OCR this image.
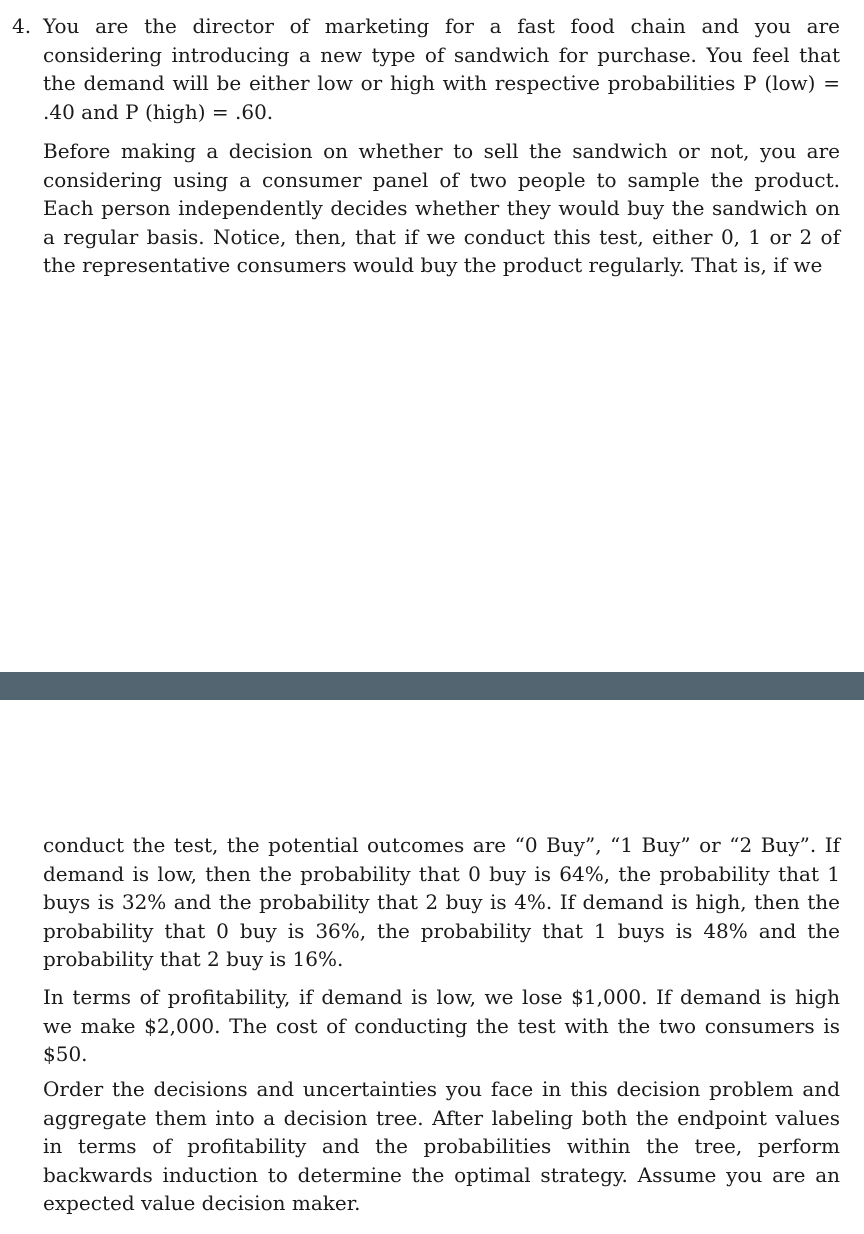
4. You are the director of marketing for a fast food chain and you are considering introducing a new type of sandwich for purchase. You feel that the demand will be either low or high with respective probabilities P (low) = .40 and P (high) = .60.

Before making a decision on whether to sell the sandwich or not, you are considering using a consumer panel of two people to sample the product. Each person independently decides whether they would buy the sandwich on a regular basis. Notice, then, that if we conduct this test, either 0, 1 or 2 of the representative consumers would buy the product regularly. That is, if we

conduct the test, the potential outcomes are “0 Buy”, “1 Buy” or “2 Buy”. If demand is low, then the probability that 0 buy is 64%, the probability that 1 buys is 32% and the probability that 2 buy is 4%. If demand is high, then the probability that 0 buy is 36%, the probability that 1 buys is 48% and the probability that 2 buy is 16%.

In terms of profitability, if demand is low, we lose $1,000. If demand is high we make $2,000. The cost of conducting the test with the two consumers is $50.

Order the decisions and uncertainties you face in this decision problem and aggregate them into a decision tree. After labeling both the endpoint values in terms of profitability and the probabilities within the tree, perform backwards induction to determine the optimal strategy. Assume you are an expected value decision maker.
